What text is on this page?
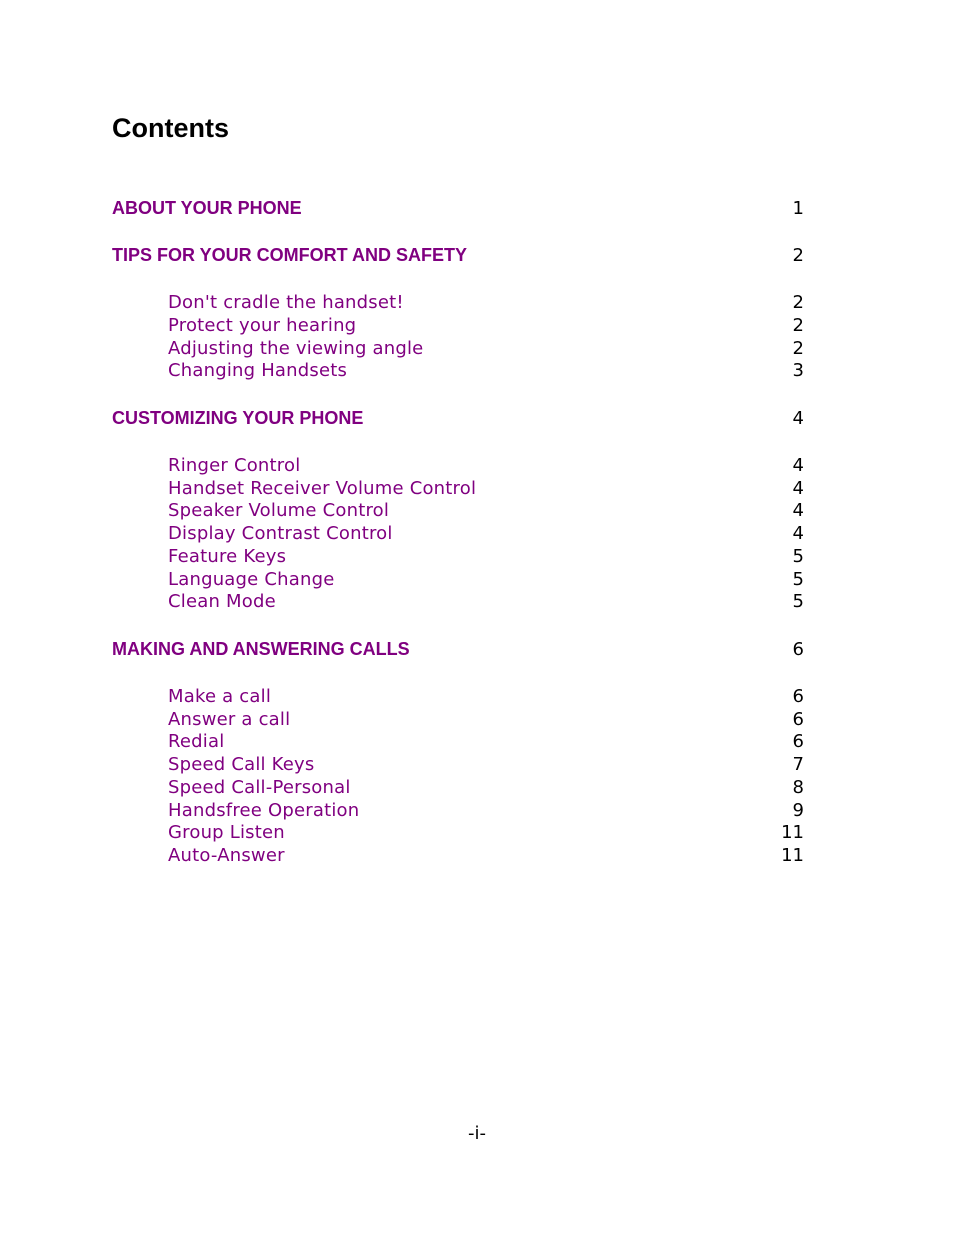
Contents
ABOUT YOUR PHONE	1
TIPS FOR YOUR COMFORT AND SAFETY	2
Don't cradle the handset!	2
Protect your hearing	2
Adjusting the viewing angle	2
Changing Handsets	3
CUSTOMIZING YOUR PHONE	4
Ringer Control	4
Handset Receiver Volume Control	4
Speaker Volume Control	4
Display Contrast Control	4
Feature Keys	5
Language Change	5
Clean Mode	5
MAKING AND ANSWERING CALLS	6
Make a call	6
Answer a call	6
Redial	6
Speed Call Keys	7
Speed Call-Personal	8
Handsfree Operation	9
Group Listen	11
Auto-Answer	11
-i-
